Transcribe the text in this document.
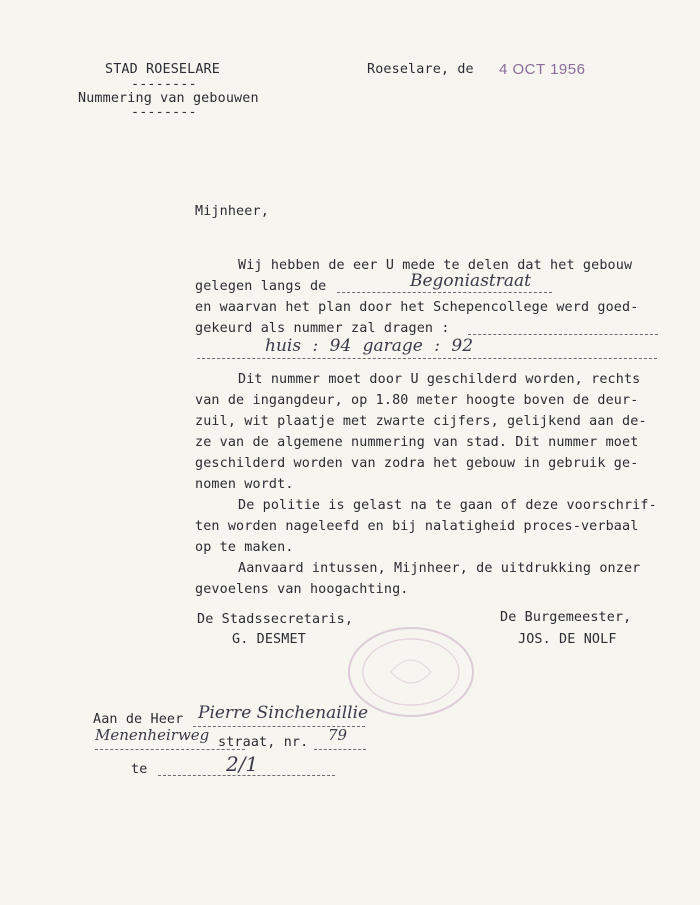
STAD ROESELARE
--------
Nummering van gebouwen
--------
Roeselare, de 4 OCT 1956
Mijnheer,
Wij hebben de eer U mede te delen dat het gebouw
gelegen langs de	Begoniastraat
en waarvan het plan door het Schepencollege werd goed-
gekeurd als nummer zal dragen :
huis : 94 garage : 92
Dit nummer moet door U geschilderd worden, rechts
van de ingangdeur, op 1.80 meter hoogte boven de deur-
zuil, wit plaatje met zwarte cijfers, gelijkend aan de-
ze van de algemene nummering van stad. Dit nummer moet
geschilderd worden van zodra het gebouw in gebruik ge-
nomen wordt.
De politie is gelast na te gaan of deze voorschrif-
ten worden nageleefd en bij nalatigheid proces-verbaal
op te maken.
Aanvaard intussen, Mijnheer, de uitdrukking onzer
gevoelens van hoogachting.
De Stadssecretaris,
G. DESMET
De Burgemeester,
JOS. DE NOLF
Aan de Heer Pierre Sinchenaillie
Menenheirweg straat, nr. 79
te	2/1
